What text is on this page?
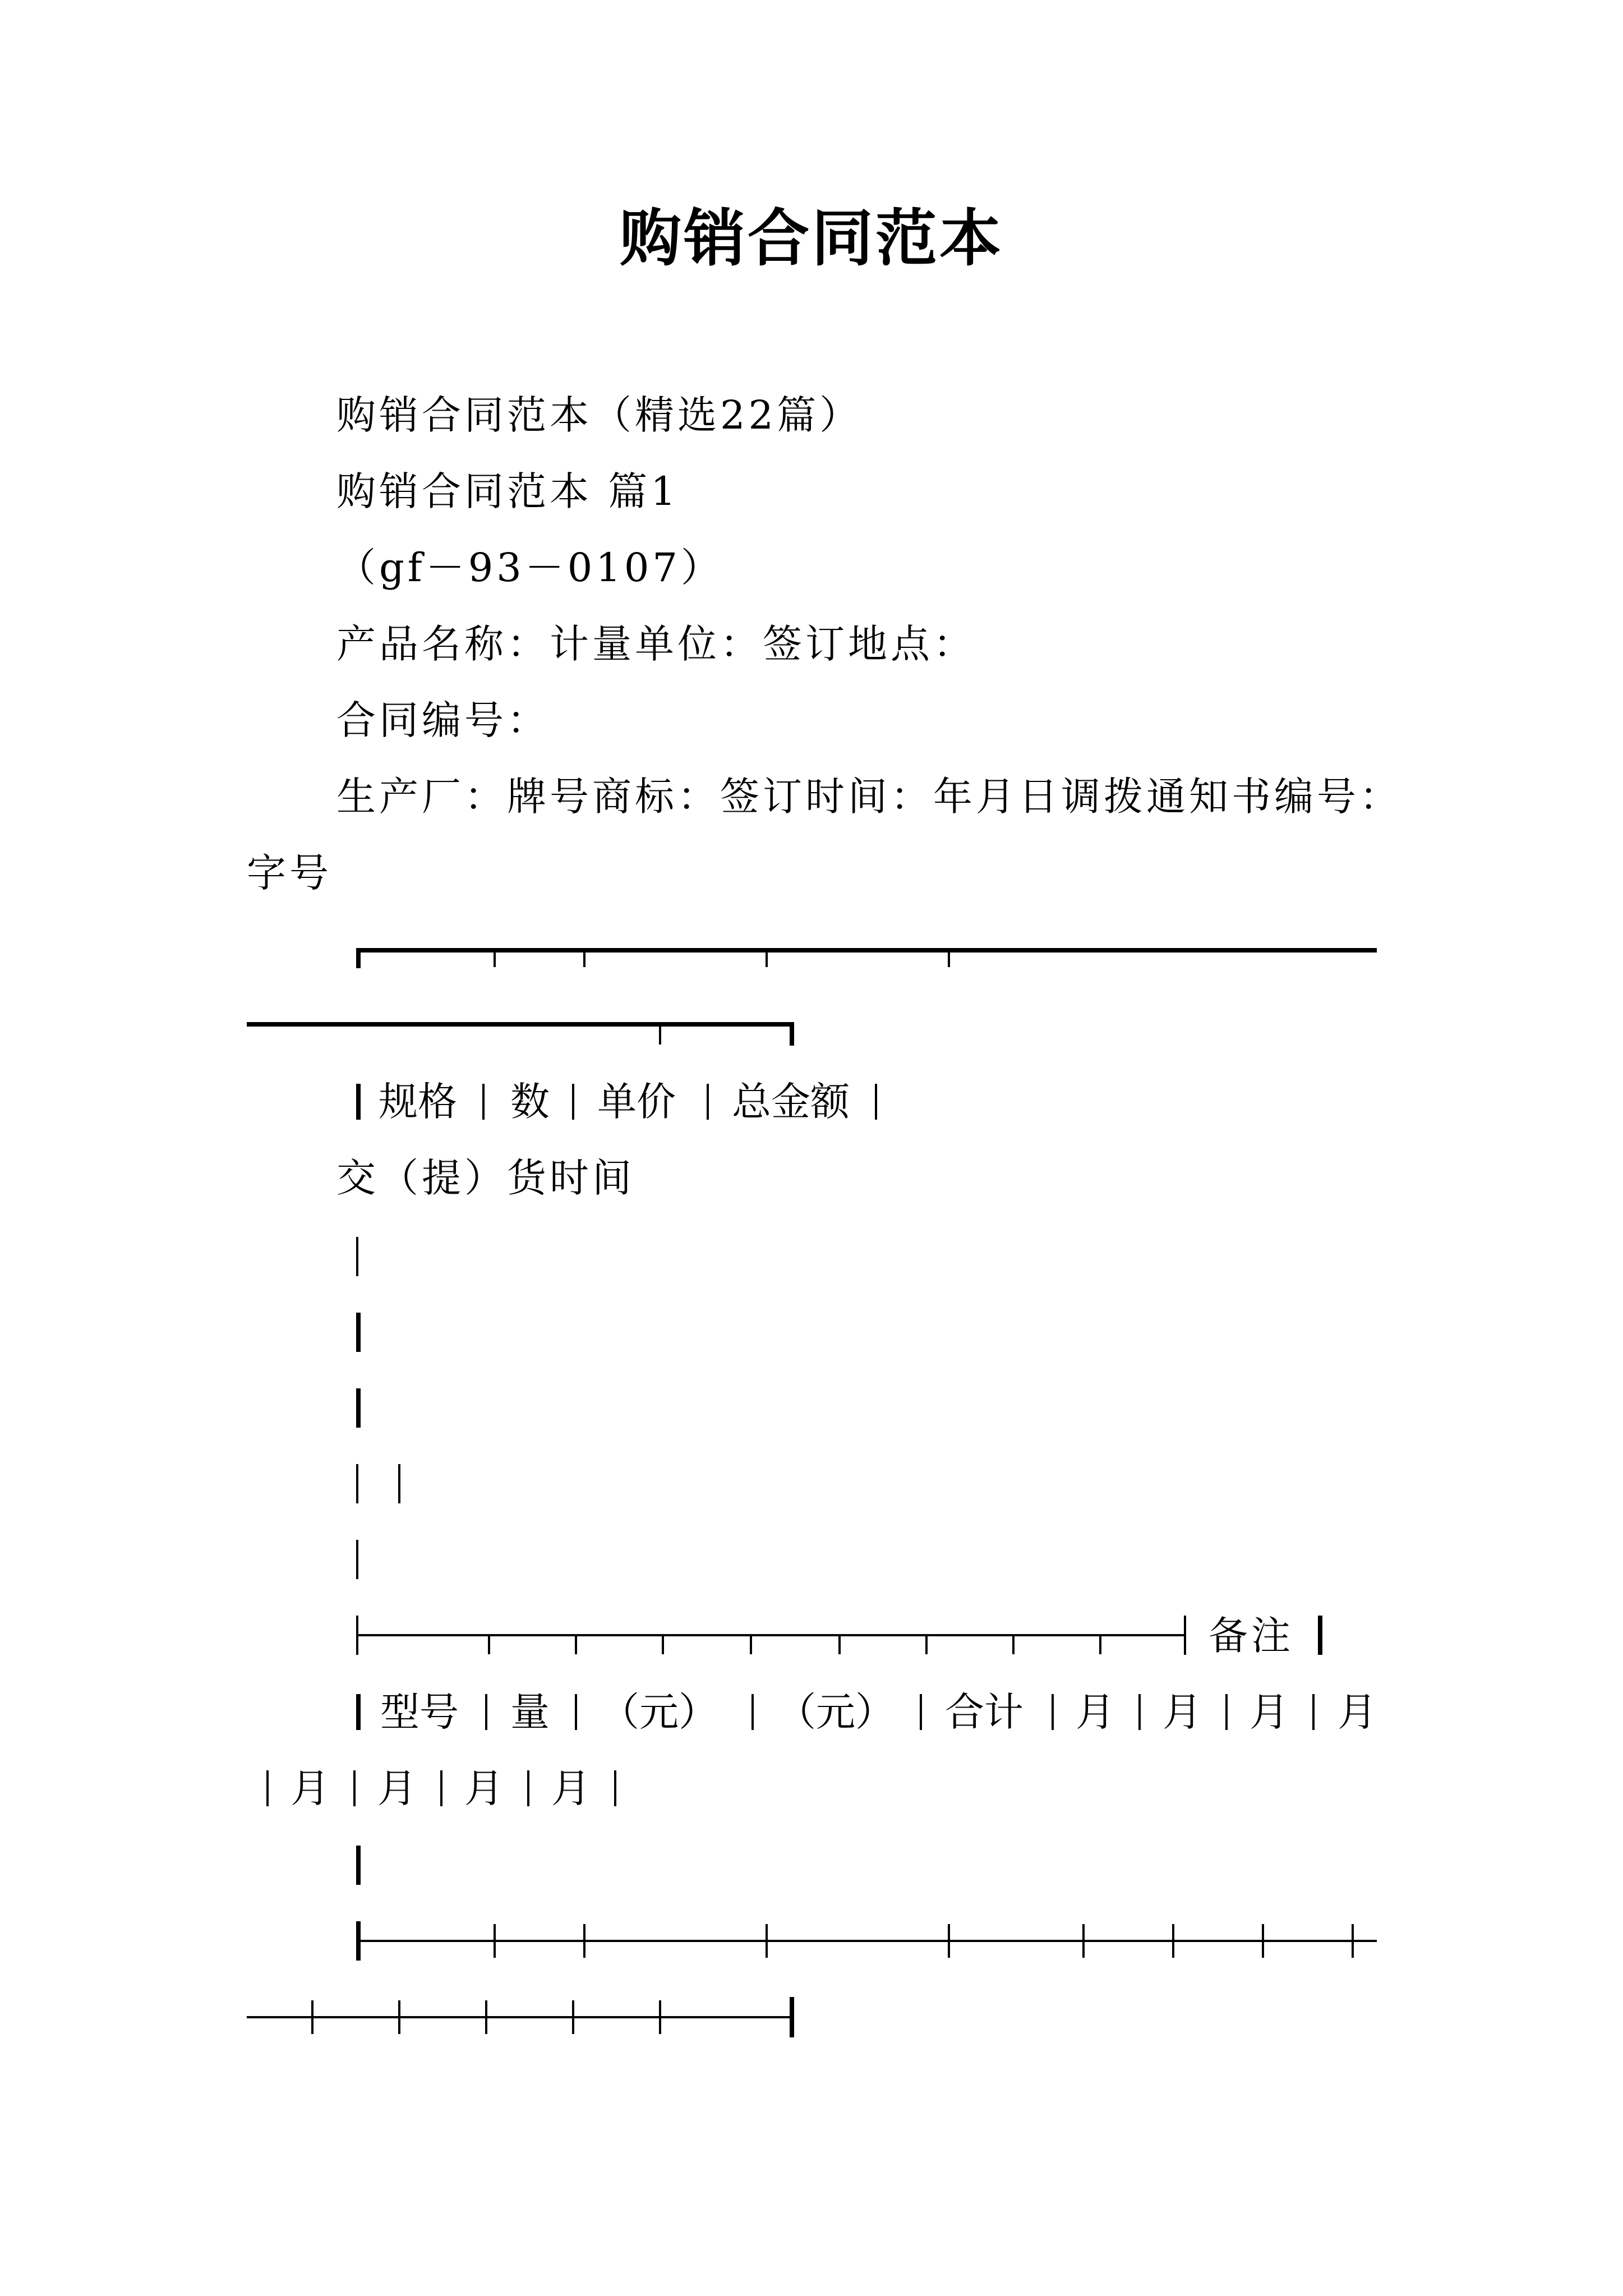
购销合同范本
购销合同范本（精选22篇）
购销合同范本 篇1
（gf－93－0107）
产品名称：计量单位：签订地点：
合同编号：
生产厂：牌号商标：签订时间：年月日调拨通知书编号：
字号
规格 数 单价 总金额
交（提）货时间
备注
型号 量 （元） （元） 合计 月 月 月 月
月 月 月 月
